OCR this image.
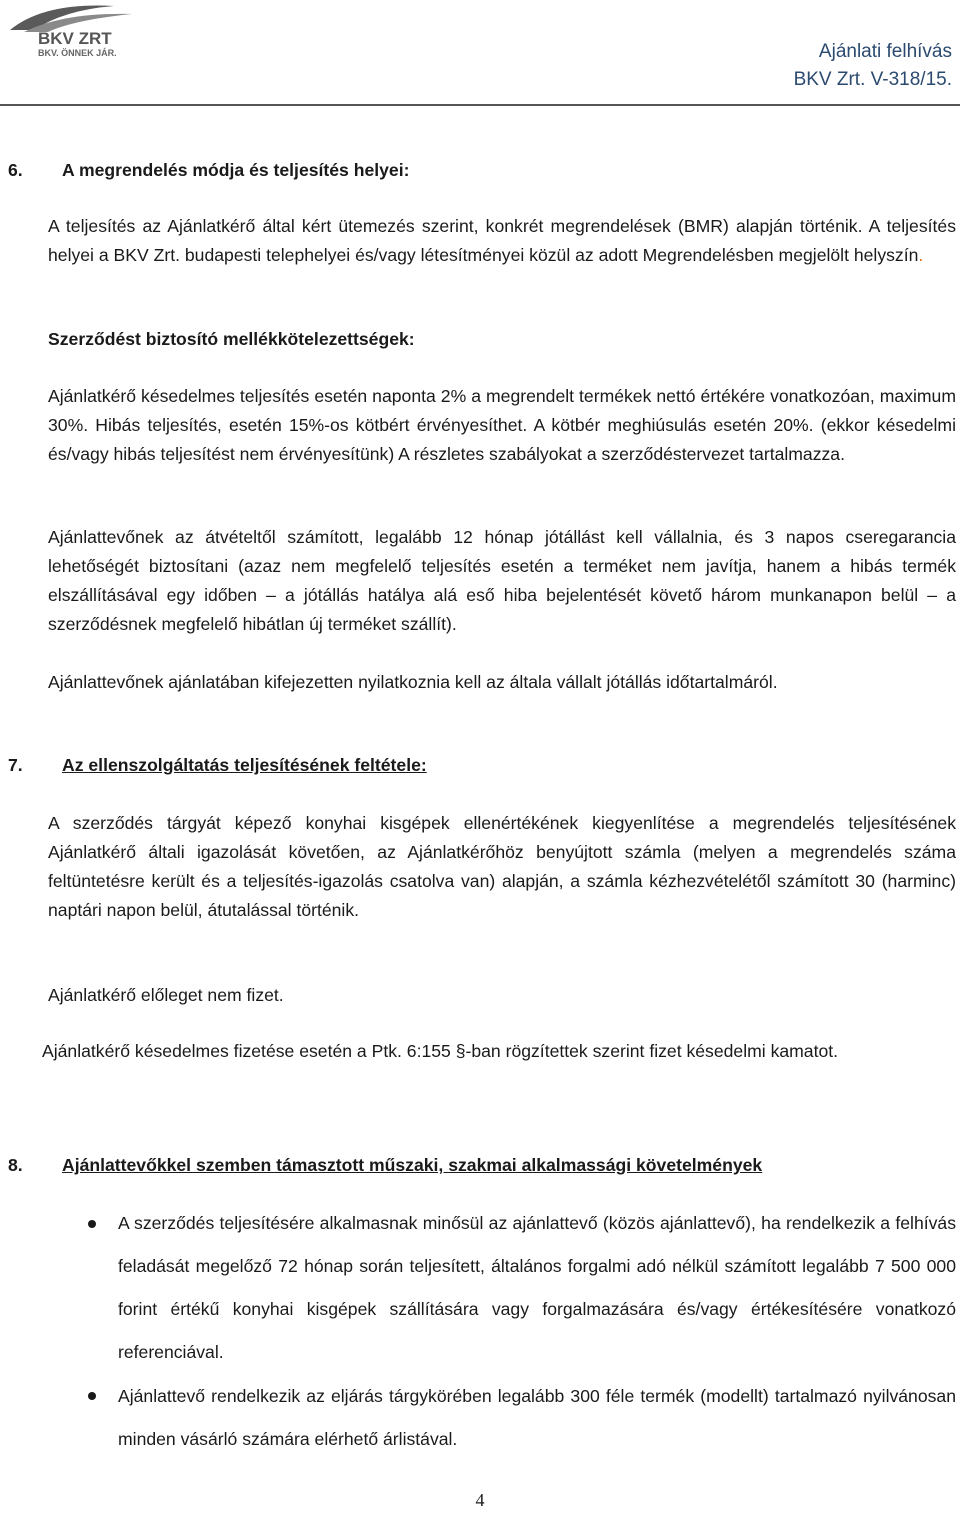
BKV ZRT
BKV. ÖNNEK JÁR.	Ajánlati felhívás
BKV Zrt. V-318/15.
6. A megrendelés módja és teljesítés helyei:
A teljesítés az Ajánlatkérő által kért ütemezés szerint, konkrét megrendelések (BMR) alapján történik. A teljesítés helyei a BKV Zrt. budapesti telephelyei és/vagy létesítményei közül az adott Megrendelésben megjelölt helyszín.
Szerződést biztosító mellékkötelezettségek:
Ajánlatkérő késedelmes teljesítés esetén naponta 2% a megrendelt termékek nettó értékére vonatkozóan, maximum 30%. Hibás teljesítés, esetén 15%-os kötbért érvényesíthet. A kötbér meghiúsulás esetén 20%. (ekkor késedelmi és/vagy hibás teljesítést nem érvényesítünk) A részletes szabályokat a szerződéstervezet tartalmazza.
Ajánlattevőnek az átvételtől számított, legalább 12 hónap jótállást kell vállalnia, és 3 napos cseregarancia lehetőségét biztosítani (azaz nem megfelelő teljesítés esetén a terméket nem javítja, hanem a hibás termék elszállításával egy időben – a jótállás hatálya alá eső hiba bejelentését követő három munkanapon belül – a szerződésnek megfelelő hibátlan új terméket szállít).
Ajánlattevőnek ajánlatában kifejezetten nyilatkoznia kell az általa vállalt jótállás időtartalmáról.
7. Az ellenszolgáltatás teljesítésének feltétele:
A szerződés tárgyát képező konyhai kisgépek ellenértékének kiegyenlítése a megrendelés teljesítésének Ajánlatkérő általi igazolását követően, az Ajánlatkérőhöz benyújtott számla (melyen a megrendelés száma feltüntetésre került és a teljesítés-igazolás csatolva van) alapján, a számla kézhezvételétől számított 30 (harminc) naptári napon belül, átutalással történik.
Ajánlatkérő előleget nem fizet.
Ajánlatkérő késedelmes fizetése esetén a Ptk. 6:155 §-ban rögzítettek szerint fizet késedelmi kamatot.
8. Ajánlattevőkkel szemben támasztott műszaki, szakmai alkalmassági követelmények
A szerződés teljesítésére alkalmasnak minősül az ajánlattevő (közös ajánlattevő), ha rendelkezik a felhívás feladását megelőző 72 hónap során teljesített, általános forgalmi adó nélkül számított legalább 7 500 000 forint értékű konyhai kisgépek szállítására vagy forgalmazására és/vagy értékesítésére vonatkozó referenciával.
Ajánlattevő rendelkezik az eljárás tárgykörében legalább 300 féle termék (modellt) tartalmazó nyilvánosan minden vásárló számára elérhető árlistával.
4
